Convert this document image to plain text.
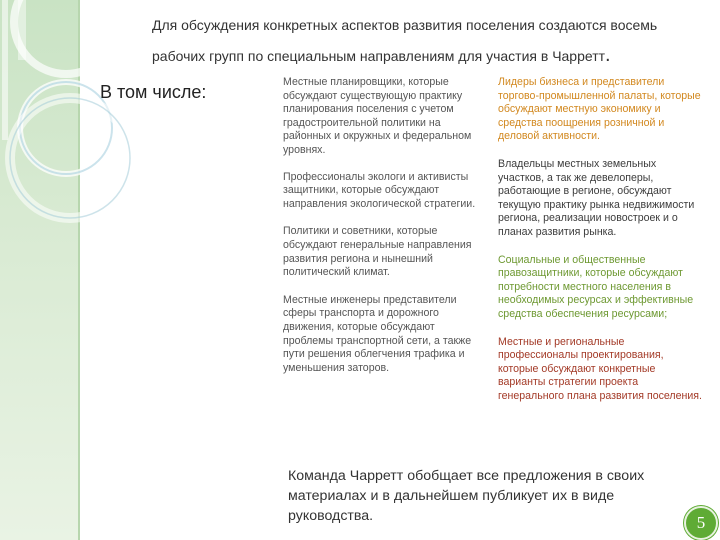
Для обсуждения конкретных аспектов развития поселения создаются восемь рабочих групп по специальным направлениям для участия в Чарретт.
В том числе:	Местные планировщики, которые обсуждают существующую практику планирования поселения с учетом градостроительной политики на районных и окружных и федеральном уровнях.
Профессионалы экологи и активисты защитники, которые обсуждают направления экологической стратегии.
Политики и советники, которые обсуждают генеральные направления развития региона и нынешний политический климат.
Местные инженеры представители сферы транспорта и дорожного движения, которые обсуждают проблемы транспортной сети, а также пути решения облегчения трафика и уменьшения заторов.
Лидеры бизнеса и представители торгово-промышленной палаты, которые обсуждают местную экономику и средства поощрения розничной и деловой активности.
Владельцы местных земельных участков, а так же девелоперы, работающие в регионе, обсуждают текущую практику рынка недвижимости региона, реализации новостроек и о планах развития рынка.
Социальные и общественные правозащитники, которые обсуждают потребности местного населения в необходимых ресурсах и эффективные средства обеспечения ресурсами;
Местные и региональные профессионалы проектирования, которые обсуждают конкретные варианты стратегии проекта генерального плана развития поселения.
Команда Чарретт обобщает все предложения в своих материалах и в дальнейшем публикует их в виде руководства.	5
